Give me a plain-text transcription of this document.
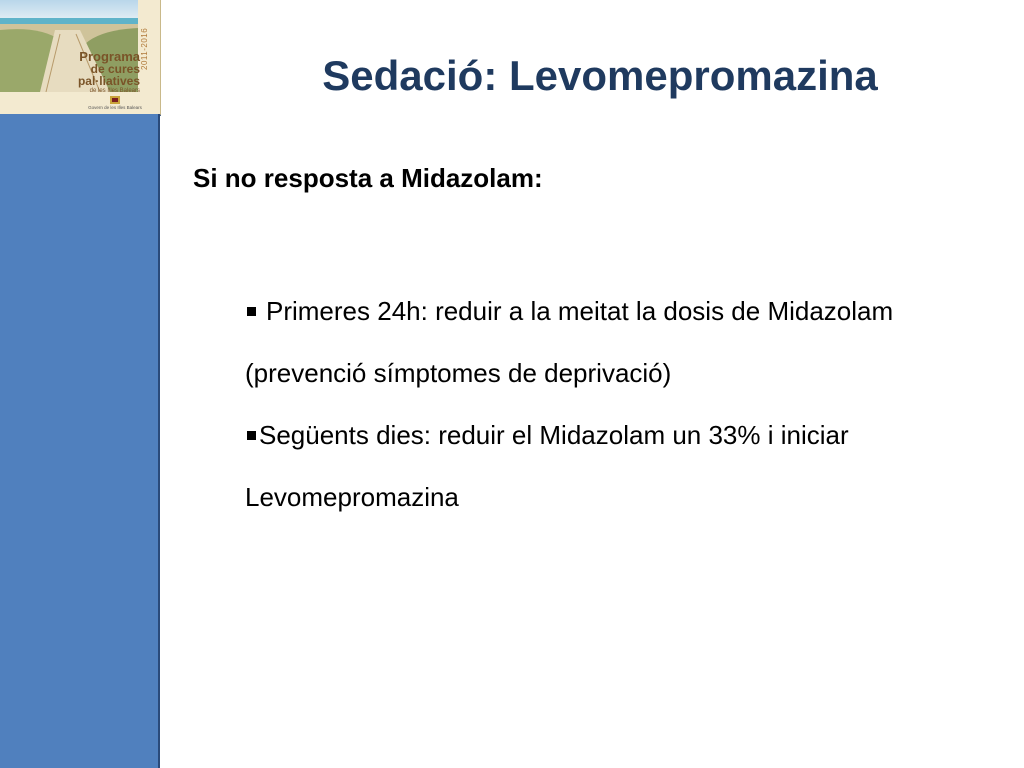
2011-2016
Programa
de cures pal·liatives
de les Illes Balears
Govern de les Illes Balears
Sedació: Levomepromazina

Si no resposta a Midazolam:

Primeres 24h: reduir a la meitat la dosis de Midazolam (prevenció símptomes de deprivació)
Següents dies: reduir el Midazolam un 33% i iniciar Levomepromazina
